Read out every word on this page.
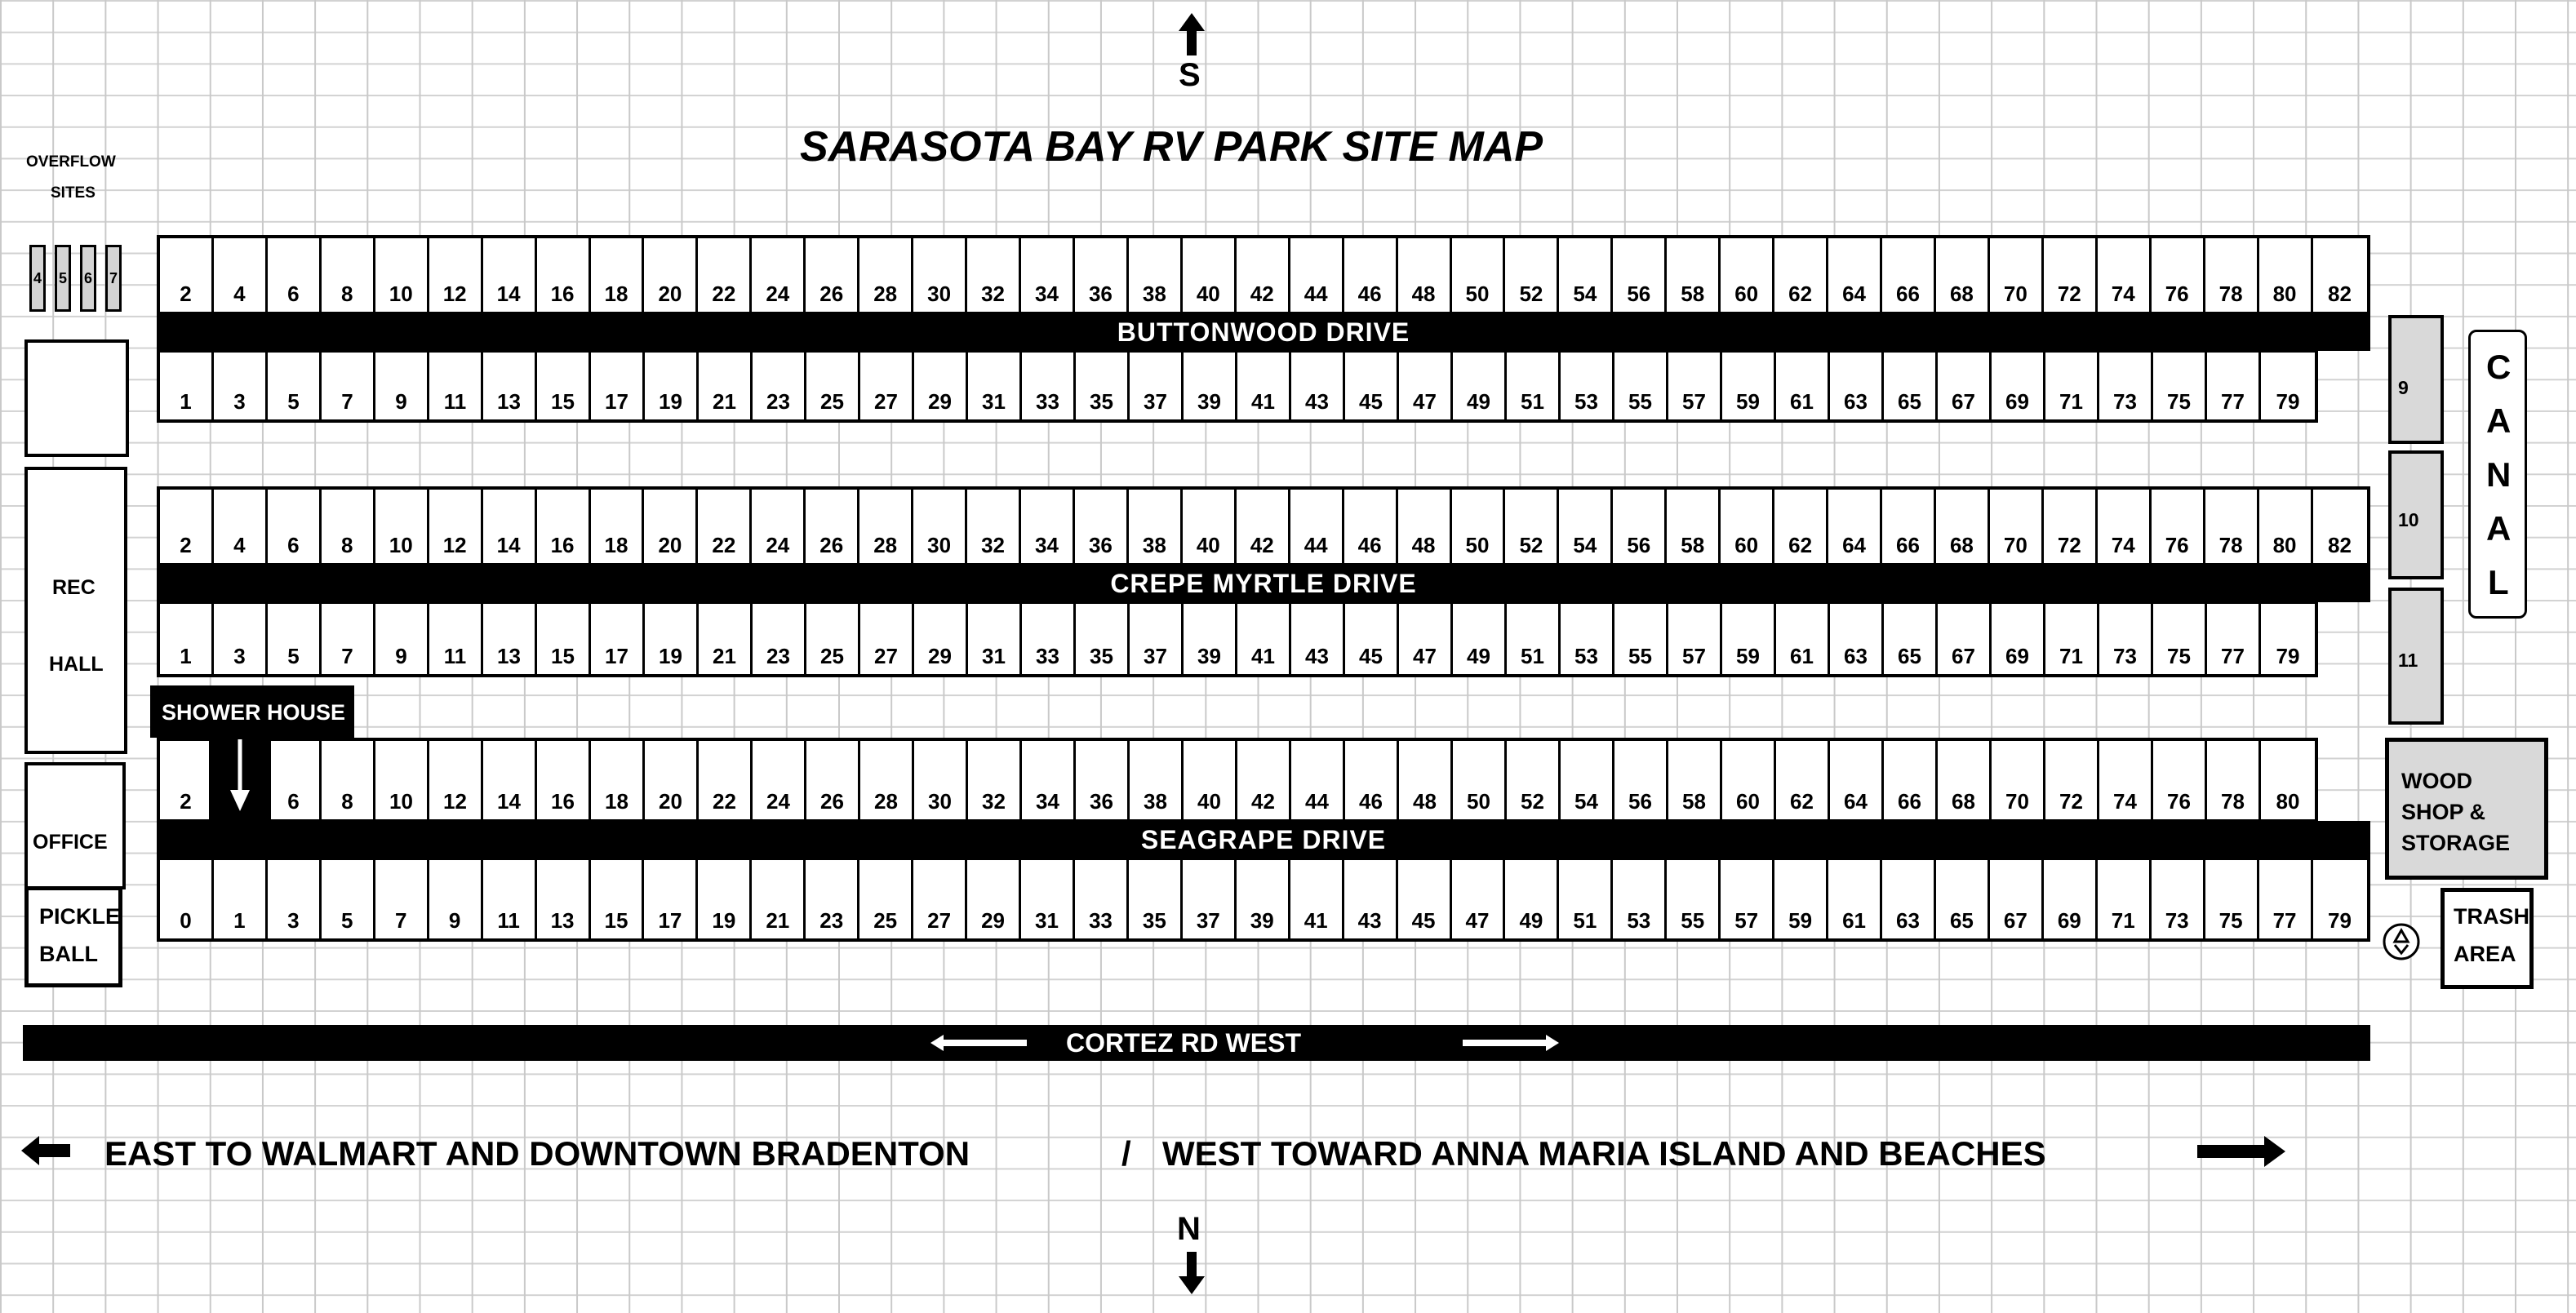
S
SARASOTA BAY RV PARK SITE MAP
OVERFLOW
SITES
4 5 6 7
2	4	6	8	10	12	14	16	18	20	22	24	26	28	30	32	34	36	38	40	42	44	46	48	50	52	54	56	58	60	62	64	66	68	70	72	74	76	78	80	82
BUTTONWOOD DRIVE
1	3	5	7	9	11	13	15	17	19	21	23	25	27	29	31	33	35	37	39	41	43	45	47	49	51	53	55	57	59	61	63	65	67	69	71	73	75	77	79
2	4	6	8	10	12	14	16	18	20	22	24	26	28	30	32	34	36	38	40	42	44	46	48	50	52	54	56	58	60	62	64	66	68	70	72	74	76	78	80	82
CREPE MYRTLE DRIVE
1	3	5	7	9	11	13	15	17	19	21	23	25	27	29	31	33	35	37	39	41	43	45	47	49	51	53	55	57	59	61	63	65	67	69	71	73	75	77	79
2	6	8	10	12	14	16	18	20	22	24	26	28	30	32	34	36	38	40	42	44	46	48	50	52	54	56	58	60	62	64	66	68	70	72	74	76	78	80
SEAGRAPE DRIVE
0	1	3	5	7	9	11	13	15	17	19	21	23	25	27	29	31	33	35	37	39	41	43	45	47	49	51	53	55	57	59	61	63	65	67	69	71	73	75	77	79
SHOWER HOUSE
REC
HALL
OFFICE
PICKLE
BALL
9
10
11
C
A
N
A
L
WOOD
SHOP &
STORAGE
TRASH
AREA
CORTEZ RD WEST
EAST TO WALMART AND DOWNTOWN BRADENTON	/ WEST TOWARD ANNA MARIA ISLAND AND BEACHES
N
